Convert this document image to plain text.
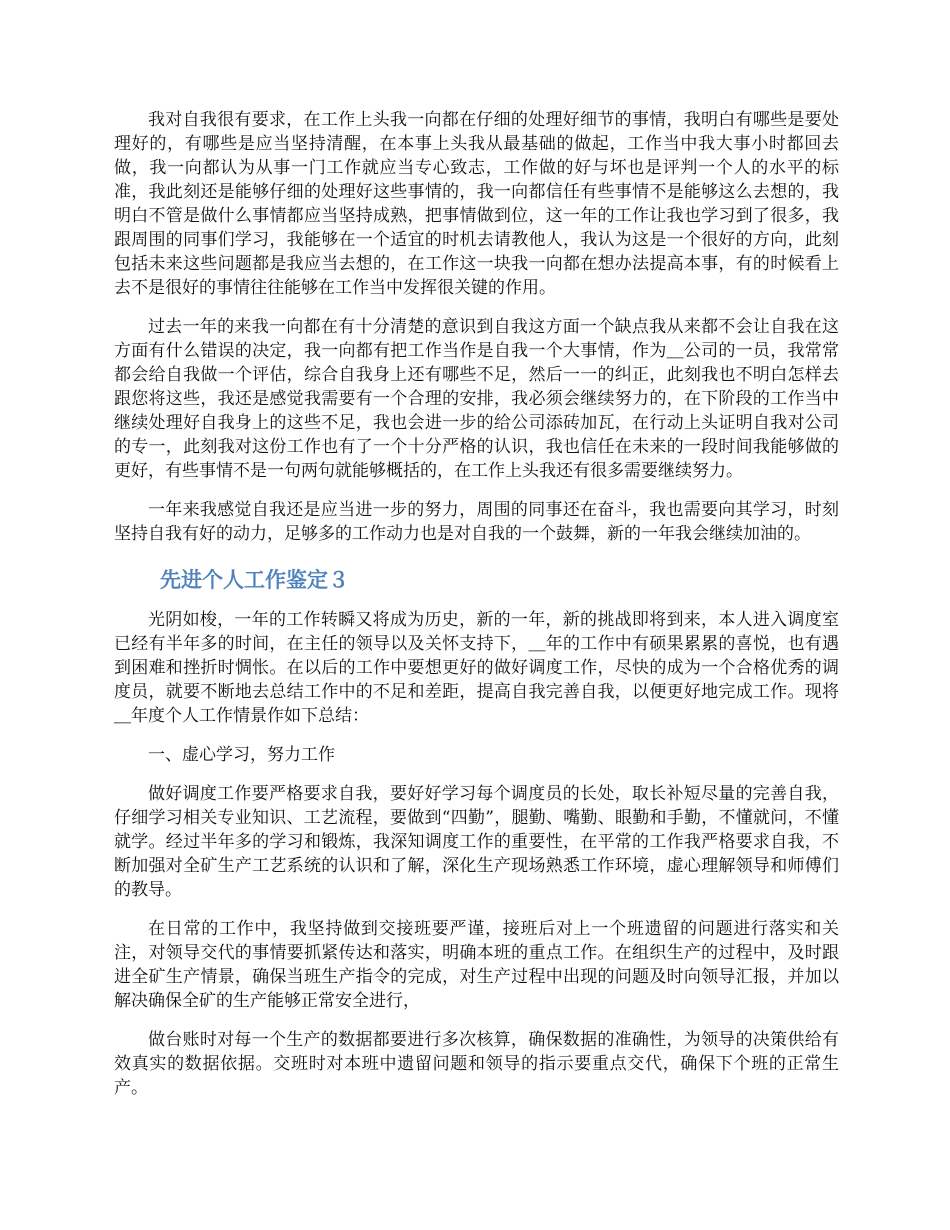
我对自我很有要求，在工作上头我一向都在仔细的处理好细节的事情，我明白有哪些是要处理好的，有哪些是应当坚持清醒，在本事上头我从最基础的做起，工作当中我大事小时都回去做，我一向都认为从事一门工作就应当专心致志，工作做的好与坏也是评判一个人的水平的标准，我此刻还是能够仔细的处理好这些事情的，我一向都信任有些事情不是能够这么去想的，我明白不管是做什么事情都应当坚持成熟，把事情做到位，这一年的工作让我也学习到了很多，我跟周围的同事们学习，我能够在一个适宜的时机去请教他人，我认为这是一个很好的方向，此刻包括未来这些问题都是我应当去想的，在工作这一块我一向都在想办法提高本事，有的时候看上去不是很好的事情往往能够在工作当中发挥很关键的作用。

过去一年的来我一向都在有十分清楚的意识到自我这方面一个缺点我从来都不会让自我在这方面有什么错误的决定，我一向都有把工作当作是自我一个大事情，作为＿公司的一员，我常常都会给自我做一个评估，综合自我身上还有哪些不足，然后一一的纠正，此刻我也不明白怎样去跟您将这些，我还是感觉我需要有一个合理的安排，我必须会继续努力的，在下阶段的工作当中继续处理好自我身上的这些不足，我也会进一步的给公司添砖加瓦，在行动上头证明自我对公司的专一，此刻我对这份工作也有了一个十分严格的认识，我也信任在未来的一段时间我能够做的更好，有些事情不是一句两句就能够概括的，在工作上头我还有很多需要继续努力。

一年来我感觉自我还是应当进一步的努力，周围的同事还在奋斗，我也需要向其学习，时刻坚持自我有好的动力，足够多的工作动力也是对自我的一个鼓舞，新的一年我会继续加油的。

先进个人工作鉴定３

光阴如梭，一年的工作转瞬又将成为历史，新的一年，新的挑战即将到来，本人进入调度室已经有半年多的时间，在主任的领导以及关怀支持下，＿年的工作中有硕果累累的喜悦，也有遇到困难和挫折时惆怅。在以后的工作中要想更好的做好调度工作，尽快的成为一个合格优秀的调度员，就要不断地去总结工作中的不足和差距，提高自我完善自我，以便更好地完成工作。现将＿年度个人工作情景作如下总结：

一、虚心学习，努力工作

做好调度工作要严格要求自我，要好好学习每个调度员的长处，取长补短尽量的完善自我，仔细学习相关专业知识、工艺流程，要做到“四勤”，腿勤、嘴勤、眼勤和手勤，不懂就问，不懂就学。经过半年多的学习和锻炼，我深知调度工作的重要性，在平常的工作我严格要求自我，不断加强对全矿生产工艺系统的认识和了解，深化生产现场熟悉工作环境，虚心理解领导和师傅们的教导。

在日常的工作中，我坚持做到交接班要严谨，接班后对上一个班遗留的问题进行落实和关注，对领导交代的事情要抓紧传达和落实，明确本班的重点工作。在组织生产的过程中，及时跟进全矿生产情景，确保当班生产指令的完成，对生产过程中出现的问题及时向领导汇报，并加以解决确保全矿的生产能够正常安全进行，

做台账时对每一个生产的数据都要进行多次核算，确保数据的准确性，为领导的决策供给有效真实的数据依据。交班时对本班中遗留问题和领导的指示要重点交代，确保下个班的正常生产。
